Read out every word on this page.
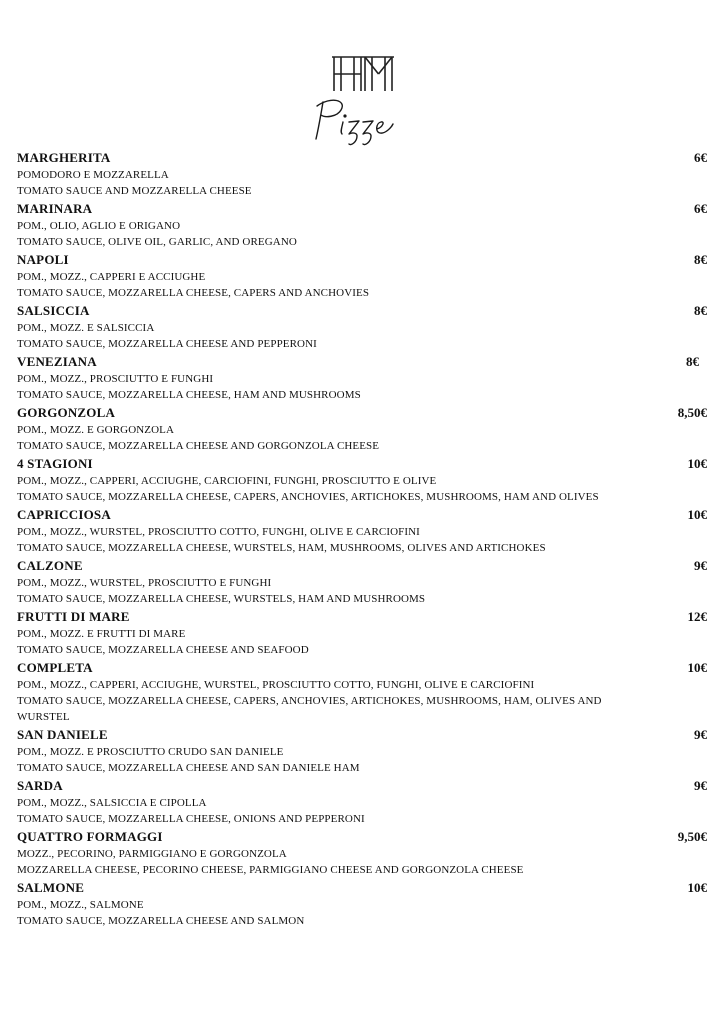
MARGHERITA	6€
POMODORO E MOZZARELLA
TOMATO SAUCE AND MOZZARELLA CHEESE
MARINARA	6€
POM., OLIO, AGLIO E ORIGANO
TOMATO SAUCE, OLIVE OIL, GARLIC, AND OREGANO
NAPOLI	8€
POM., MOZZ., CAPPERI E ACCIUGHE
TOMATO SAUCE, MOZZARELLA CHEESE, CAPERS AND ANCHOVIES
SALSICCIA	8€
POM., MOZZ. E SALSICCIA
TOMATO SAUCE, MOZZARELLA CHEESE AND PEPPERONI
VENEZIANA	8€
POM., MOZZ., PROSCIUTTO E FUNGHI
TOMATO SAUCE, MOZZARELLA CHEESE, HAM AND MUSHROOMS
GORGONZOLA	8,50€
POM., MOZZ. E GORGONZOLA
TOMATO SAUCE, MOZZARELLA CHEESE AND GORGONZOLA CHEESE
4 STAGIONI	10€
POM., MOZZ., CAPPERI, ACCIUGHE, CARCIOFINI, FUNGHI, PROSCIUTTO E OLIVE
TOMATO SAUCE, MOZZARELLA CHEESE, CAPERS, ANCHOVIES, ARTICHOKES, MUSHROOMS, HAM AND OLIVES
CAPRICCIOSA	10€
POM., MOZZ., WURSTEL, PROSCIUTTO COTTO, FUNGHI, OLIVE E CARCIOFINI
TOMATO SAUCE, MOZZARELLA CHEESE, WURSTELS, HAM, MUSHROOMS, OLIVES AND ARTICHOKES
CALZONE	9€
POM., MOZZ., WURSTEL, PROSCIUTTO E FUNGHI
TOMATO SAUCE, MOZZARELLA CHEESE, WURSTELS, HAM AND MUSHROOMS
FRUTTI DI MARE	12€
POM., MOZZ. E FRUTTI DI MARE
TOMATO SAUCE, MOZZARELLA CHEESE AND SEAFOOD
COMPLETA	10€
POM., MOZZ., CAPPERI, ACCIUGHE, WURSTEL, PROSCIUTTO COTTO, FUNGHI, OLIVE E CARCIOFINI
TOMATO SAUCE, MOZZARELLA CHEESE, CAPERS, ANCHOVIES, ARTICHOKES, MUSHROOMS, HAM, OLIVES AND
WURSTEL
SAN DANIELE	9€
POM., MOZZ. E PROSCIUTTO CRUDO SAN DANIELE
TOMATO SAUCE, MOZZARELLA CHEESE AND SAN DANIELE HAM
SARDA	9€
POM., MOZZ., SALSICCIA E CIPOLLA
TOMATO SAUCE, MOZZARELLA CHEESE, ONIONS AND PEPPERONI
QUATTRO FORMAGGI	9,50€
MOZZ., PECORINO, PARMIGGIANO E GORGONZOLA
MOZZARELLA CHEESE, PECORINO CHEESE, PARMIGGIANO CHEESE AND GORGONZOLA CHEESE
SALMONE	10€
POM., MOZZ., SALMONE
TOMATO SAUCE, MOZZARELLA CHEESE AND SALMON
